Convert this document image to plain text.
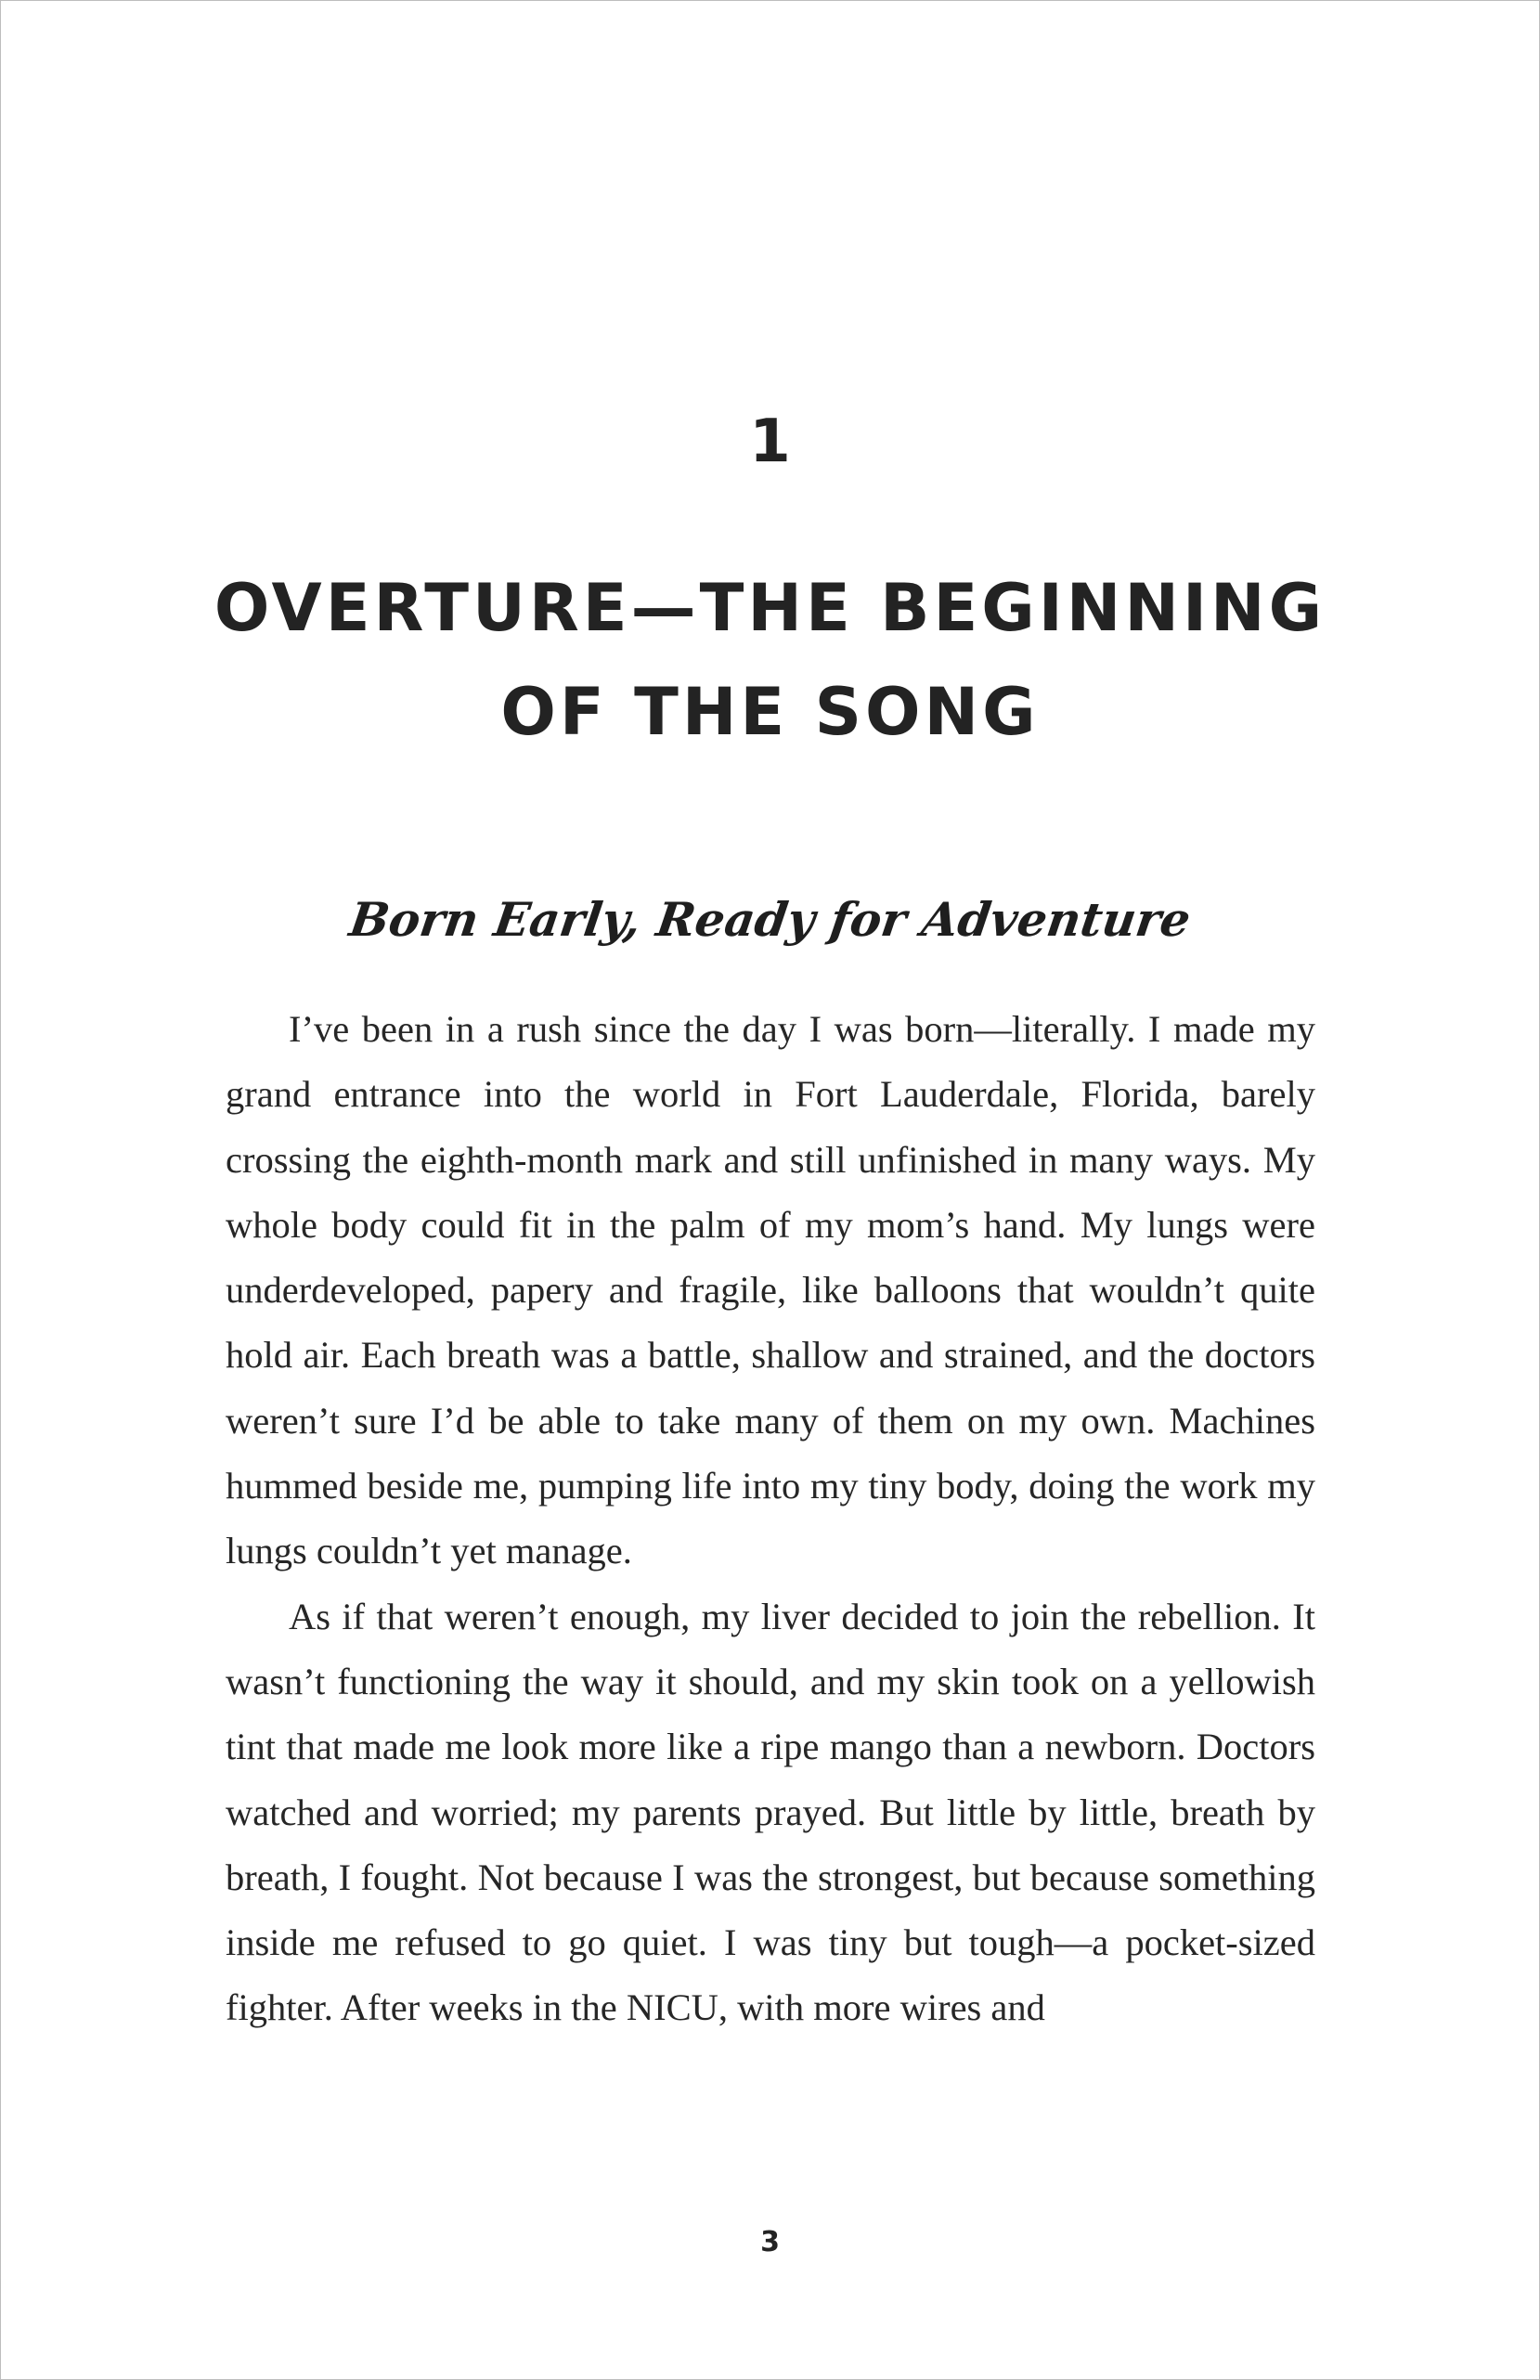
1
OVERTURE—THE BEGINNING OF THE SONG
Born Early, Ready for Adventure

I’ve been in a rush since the day I was born—literally. I made my grand entrance into the world in Fort Lauderdale, Florida, barely crossing the eighth-month mark and still unfinished in many ways. My whole body could fit in the palm of my mom’s hand. My lungs were underdeveloped, papery and fragile, like balloons that wouldn’t quite hold air. Each breath was a battle, shallow and strained, and the doctors weren’t sure I’d be able to take many of them on my own. Machines hummed beside me, pumping life into my tiny body, doing the work my lungs couldn’t yet manage.

As if that weren’t enough, my liver decided to join the rebellion. It wasn’t functioning the way it should, and my skin took on a yellowish tint that made me look more like a ripe mango than a newborn. Doctors watched and worried; my parents prayed. But little by little, breath by breath, I fought. Not because I was the strongest, but because something inside me refused to go quiet. I was tiny but tough—a pocket-sized fighter. After weeks in the NICU, with more wires and

3
